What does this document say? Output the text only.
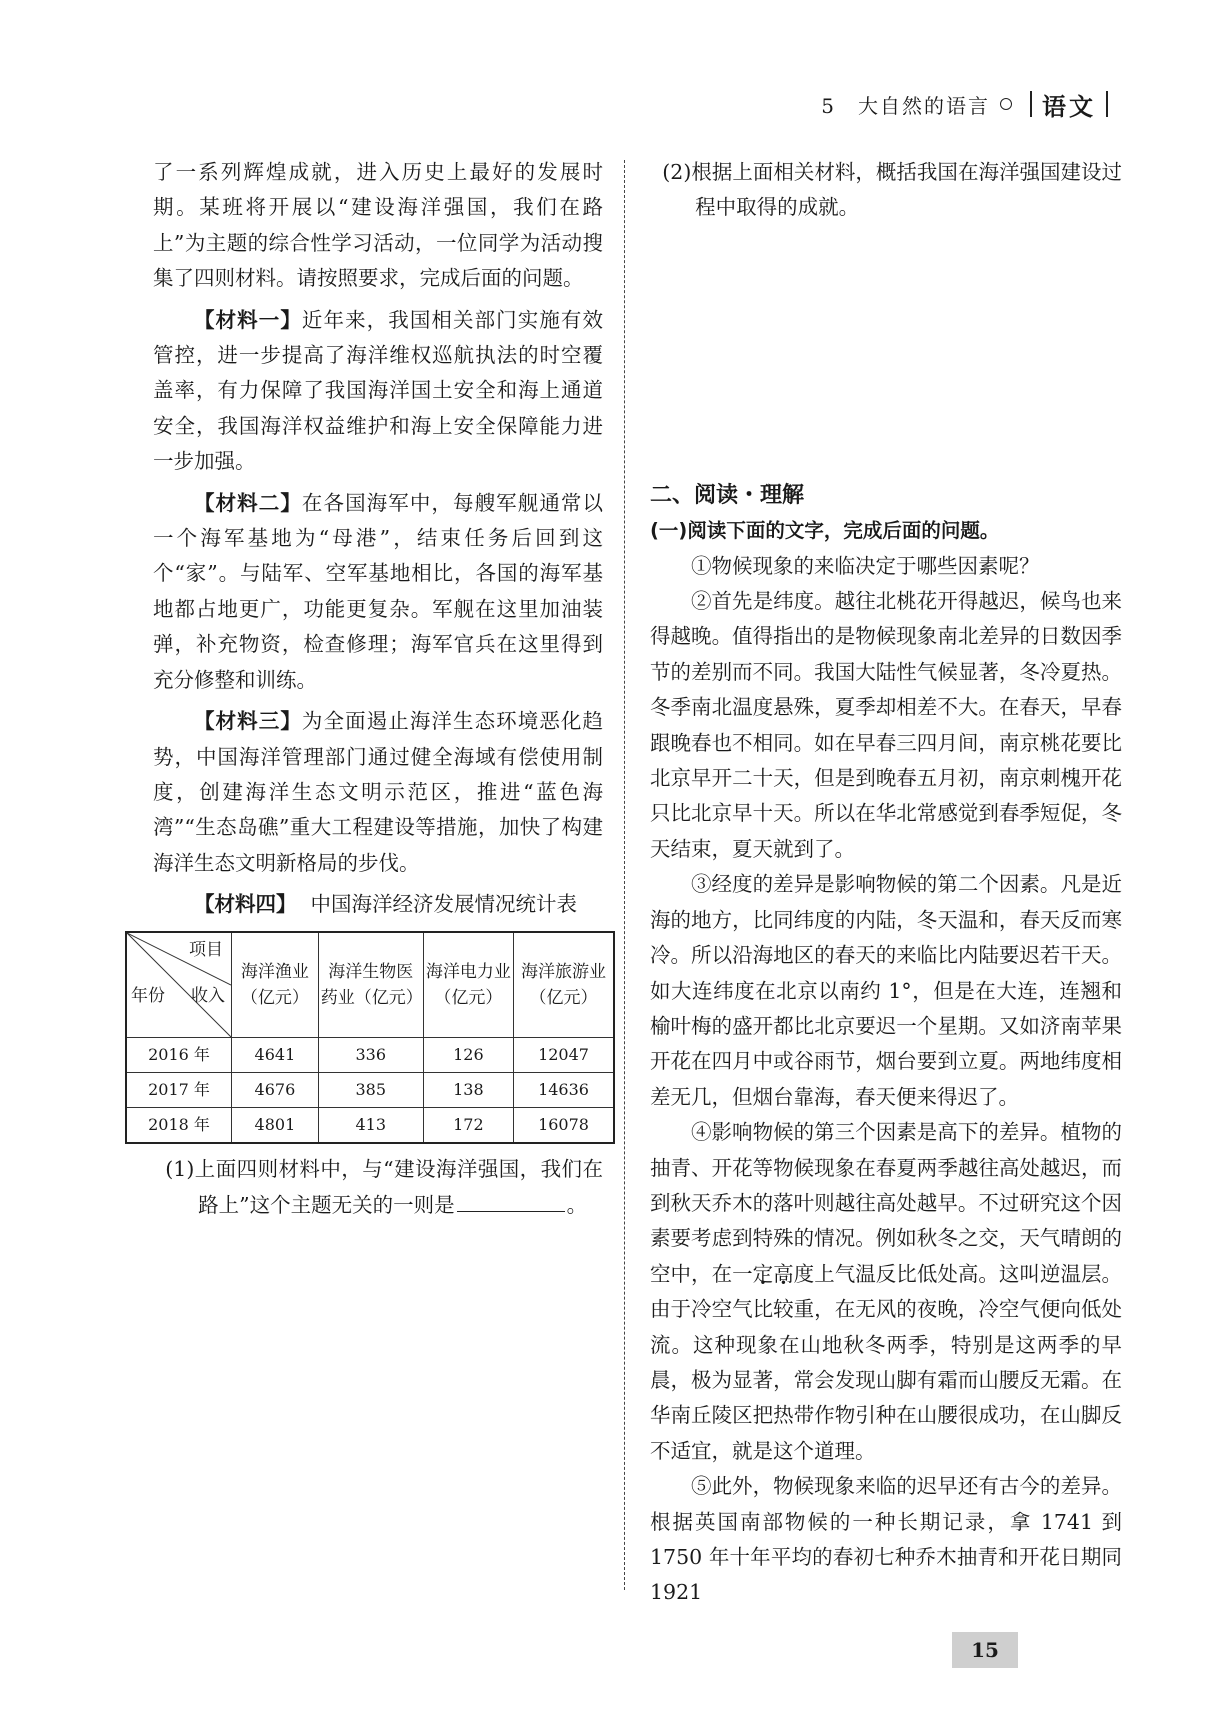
5　大自然的语言 语文

了一系列辉煌成就，进入历史上最好的发展时期。某班将开展以“建设海洋强国，我们在路上”为主题的综合性学习活动，一位同学为活动搜集了四则材料。请按照要求，完成后面的问题。

【材料一】近年来，我国相关部门实施有效管控，进一步提高了海洋维权巡航执法的时空覆盖率，有力保障了我国海洋国土安全和海上通道安全，我国海洋权益维护和海上安全保障能力进一步加强。

【材料二】在各国海军中，每艘军舰通常以一个海军基地为“母港”，结束任务后回到这个“家”。与陆军、空军基地相比，各国的海军基地都占地更广，功能更复杂。军舰在这里加油装弹，补充物资，检查修理；海军官兵在这里得到充分修整和训练。

【材料三】为全面遏止海洋生态环境恶化趋势，中国海洋管理部门通过健全海域有偿使用制度，创建海洋生态文明示范区，推进“蓝色海湾”“生态岛礁”重大工程建设等措施，加快了构建海洋生态文明新格局的步伐。

【材料四】 中国海洋经济发展情况统计表

项目
收入
年份	海洋渔业（亿元）	海洋生物医药业（亿元）	海洋电力业（亿元）	海洋旅游业（亿元）
2016 年	4641	336	126	12047
2017 年	4676	385	138	14636
2018 年	4801	413	172	16078

(1)上面四则材料中，与“建设海洋强国，我们在路上”这个主题无关的一则是	。

(2)根据上面相关材料，概括我国在海洋强国建设过程中取得的成就。

二、阅读・理解

(一)阅读下面的文字，完成后面的问题。

①物候现象的来临决定于哪些因素呢？

②首先是纬度。越往北桃花开得越迟，候鸟也来得越晚。值得指出的是物候现象南北差异的日数因季节的差别而不同。我国大陆性气候显著，冬冷夏热。冬季南北温度悬殊，夏季却相差不大。在春天，早春跟晚春也不相同。如在早春三四月间，南京桃花要比北京早开二十天，但是到晚春五月初，南京刺槐开花只比北京早十天。所以在华北常感觉到春季短促，冬天结束，夏天就到了。

③经度的差异是影响物候的第二个因素。凡是近海的地方，比同纬度的内陆，冬天温和，春天反而寒冷。所以沿海地区的春天的来临比内陆要迟若干天。如大连纬度在北京以南约 1°，但是在大连，连翘和榆叶梅的盛开都比北京要迟一个星期。又如济南苹果开花在四月中或谷雨节，烟台要到立夏。两地纬度相差无几，但烟台靠海，春天便来得迟了。

④影响物候的第三个因素是高下的差异。植物的抽青、开花等物候现象在春夏两季越往高处越迟，而到秋天乔木的落叶则越往高处越早。不过研究这个因素要考虑到特殊的情况。例如秋冬之交，天气晴朗的空中，在一定高度上气温反比低处高。这叫逆温层。由于冷空气比较重，在无风的夜晚，冷空气便向低处流。这种现象在山地秋冬两季，特别是这两季的早晨，极为显著，常会发现山脚有霜而山腰反无霜。在华南丘陵区把热带作物引种在山腰很成功，在山脚反不适宜，就是这个道理。

⑤此外，物候现象来临的迟早还有古今的差异。根据英国南部物候的一种长期记录，拿 1741 到 1750 年十年平均的春初七种乔木抽青和开花日期同 1921

15
